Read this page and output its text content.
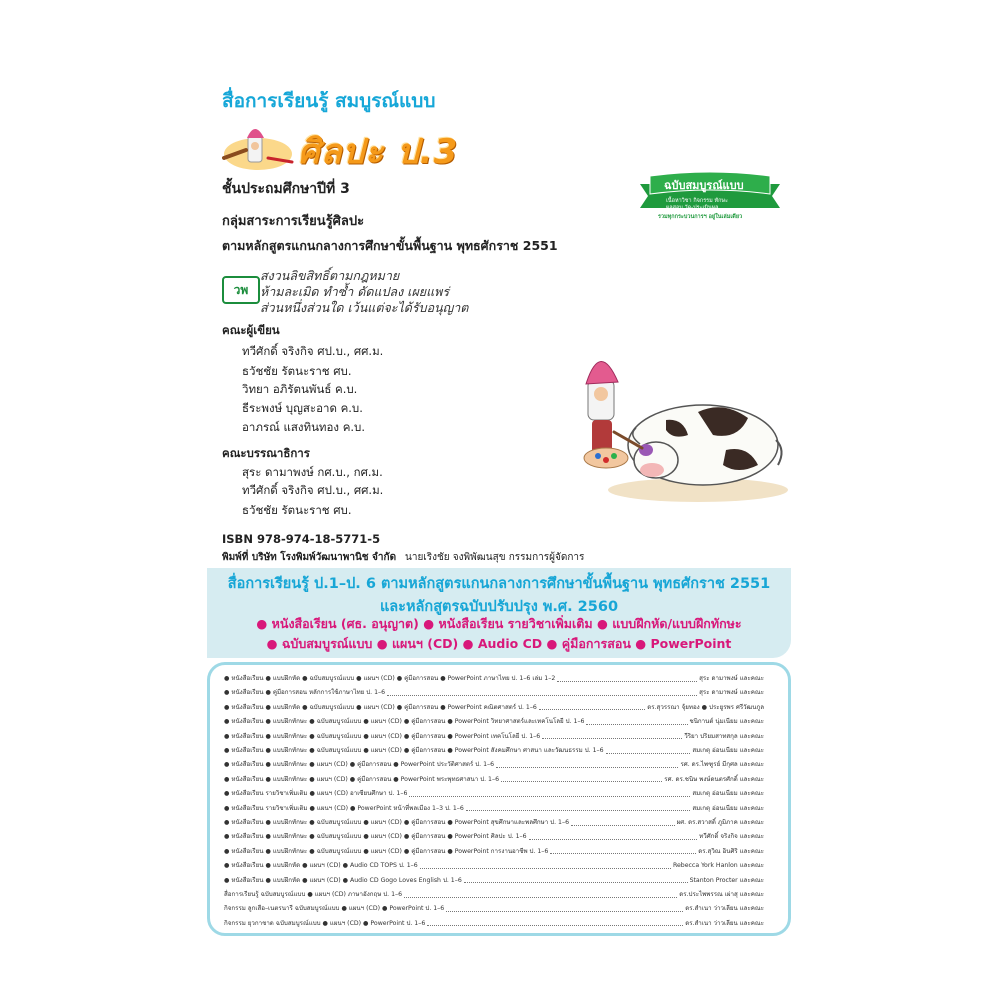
สื่อการเรียนรู้ สมบูรณ์แบบ
ศิลปะ ป.3
ชั้นประถมศึกษาปีที่ 3
กลุ่มสาระการเรียนรู้ศิลปะ
ตามหลักสูตรแกนกลางการศึกษาขั้นพื้นฐาน พุทธศักราช 2551
ฉบับสมบูรณ์แบบ
เนื้อหาวิชา กิจกรรม ทักษะ
ผลสอบ วัด-ประเมินผล
รวมทุกกระบวนการฯ อยู่ในเล่มเดียว
วพ
สงวนลิขสิทธิ์ตามกฎหมาย
ห้ามละเมิด ทำซ้ำ ดัดแปลง เผยแพร่
ส่วนหนึ่งส่วนใด เว้นแต่จะได้รับอนุญาต
คณะผู้เขียน
ทวีศักดิ์ จริงกิจ ศป.บ., ศศ.ม.
ธวัชชัย รัตนะราช ศบ.
วิทยา อภิรัตนพันธ์ ค.บ.
ธีระพงษ์ บุญสะอาด ค.บ.
อาภรณ์ แสงทินทอง ค.บ.
คณะบรรณาธิการ
สุระ ดามาพงษ์ กศ.บ., กศ.ม.
ทวีศักดิ์ จริงกิจ ศป.บ., ศศ.ม.
ธวัชชัย รัตนะราช ศบ.
ISBN 978-974-18-5771-5
พิมพ์ที่ บริษัท โรงพิมพ์วัฒนาพานิช จำกัด นายเริงชัย จงพิพัฒนสุข กรรมการผู้จัดการ
สื่อการเรียนรู้ ป.1–ป. 6 ตามหลักสูตรแกนกลางการศึกษาขั้นพื้นฐาน พุทธศักราช 2551
และหลักสูตรฉบับปรับปรุง พ.ศ. 2560
● หนังสือเรียน (ศธ. อนุญาต) ● หนังสือเรียน รายวิชาเพิ่มเติม ● แบบฝึกหัด/แบบฝึกทักษะ
● ฉบับสมบูรณ์แบบ ● แผนฯ (CD) ● Audio CD ● คู่มือการสอน ● PowerPoint
● หนังสือเรียน ● แบบฝึกหัด ● ฉบับสมบูรณ์แบบ ● แผนฯ (CD) ● คู่มือการสอน ● PowerPoint ภาษาไทย ป. 1–6 เล่ม 1–2	สุระ ดามาพงษ์ และคณะ
● หนังสือเรียน ● คู่มือการสอน หลักการใช้ภาษาไทย ป. 1–6	สุระ ดามาพงษ์ และคณะ
● หนังสือเรียน ● แบบฝึกหัด ● ฉบับสมบูรณ์แบบ ● แผนฯ (CD) ● คู่มือการสอน ● PowerPoint คณิตศาสตร์ ป. 1–6	ดร.สุวรรณา จุ้ยทอง ● ประยูรพร ศรีวัฒนกูล
● หนังสือเรียน ● แบบฝึกทักษะ ● ฉบับสมบูรณ์แบบ ● แผนฯ (CD) ● คู่มือการสอน ● PowerPoint วิทยาศาสตร์และเทคโนโลยี ป. 1–6	ชนิกานต์ นุ่มเนียม และคณะ
● หนังสือเรียน ● แบบฝึกทักษะ ● ฉบับสมบูรณ์แบบ ● แผนฯ (CD) ● คู่มือการสอน ● PowerPoint เทคโนโลยี ป. 1–6	วีริยา ปริยมสาทสกุล และคณะ
● หนังสือเรียน ● แบบฝึกทักษะ ● ฉบับสมบูรณ์แบบ ● แผนฯ (CD) ● คู่มือการสอน ● PowerPoint สังคมศึกษา ศาสนา และวัฒนธรรม ป. 1–6	สมเกตุ อ่อนเนียม และคณะ
● หนังสือเรียน ● แบบฝึกทักษะ ● แผนฯ (CD) ● คู่มือการสอน ● PowerPoint ประวัติศาสตร์ ป. 1–6	รศ. ดร.ไพฑูรย์ มีกุศล และคณะ
● หนังสือเรียน ● แบบฝึกทักษะ ● แผนฯ (CD) ● คู่มือการสอน ● PowerPoint พระพุทธศาสนา ป. 1–6	รศ. ดร.ชนิษ พงษ์ดนตรศักดิ์ และคณะ
● หนังสือเรียน รายวิชาเพิ่มเติม ● แผนฯ (CD) อาเซียนศึกษา ป. 1–6	สมเกตุ อ่อนเนียม และคณะ
● หนังสือเรียน รายวิชาเพิ่มเติม ● แผนฯ (CD) ● PowerPoint หน้าที่พลเมือง 1–3 ป. 1–6	สมเกตุ อ่อนเนียม และคณะ
● หนังสือเรียน ● แบบฝึกทักษะ ● ฉบับสมบูรณ์แบบ ● แผนฯ (CD) ● คู่มือการสอน ● PowerPoint สุขศึกษาและพลศึกษา ป. 1–6	ผศ. ดร.สวาสดิ์ ภูมิภาค และคณะ
● หนังสือเรียน ● แบบฝึกทักษะ ● ฉบับสมบูรณ์แบบ ● แผนฯ (CD) ● คู่มือการสอน ● PowerPoint ศิลปะ ป. 1–6	ทวีศักดิ์ จริงกิจ และคณะ
● หนังสือเรียน ● แบบฝึกทักษะ ● ฉบับสมบูรณ์แบบ ● แผนฯ (CD) ● คู่มือการสอน ● PowerPoint การงานอาชีพ ป. 1–6	ดร.สุวิณ อินศิริ และคณะ
● หนังสือเรียน ● แบบฝึกหัด ● แผนฯ (CD) ● Audio CD TOPS ป. 1–6	Rebecca York Hanlon และคณะ
● หนังสือเรียน ● แบบฝึกหัด ● แผนฯ (CD) ● Audio CD Gogo Loves English ป. 1–6	Stanton Procter และคณะ
สื่อการเรียนรู้ ฉบับสมบูรณ์แบบ ● แผนฯ (CD) ภาษาอังกฤษ ป. 1–6	ดร.ประไพพรรณ เผ่าสุ และคณะ
กิจกรรม ลูกเสือ–เนตรนารี ฉบับสมบูรณ์แบบ ● แผนฯ (CD) ● PowerPoint ป. 1–6	ดร.สำเนา ว่าวเลียน และคณะ
กิจกรรม ยุวกาชาด ฉบับสมบูรณ์แบบ ● แผนฯ (CD) ● PowerPoint ป. 1–6	ดร.สำเนา ว่าวเลียน และคณะ
